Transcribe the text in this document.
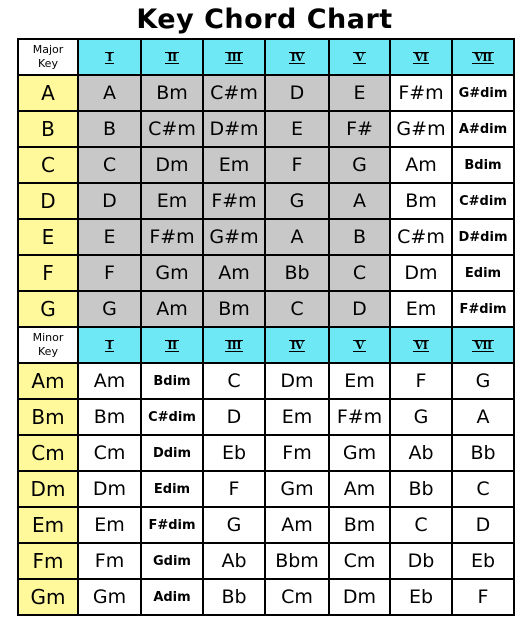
Key Chord Chart
Major
Key	I	II	III	IV	V	VI	VII
A	A	Bm	C#m	D	E	F#m	G#dim
B	B	C#m	D#m	E	F#	G#m	A#dim
C	C	Dm	Em	F	G	Am	Bdim
D	D	Em	F#m	G	A	Bm	C#dim
E	E	F#m	G#m	A	B	C#m	D#dim
F	F	Gm	Am	Bb	C	Dm	Edim
G	G	Am	Bm	C	D	Em	F#dim

Minor
Key	I	II	III	IV	V	VI	VII
Am	Am	Bdim	C	Dm	Em	F	G
Bm	Bm	C#dim	D	Em	F#m	G	A
Cm	Cm	Ddim	Eb	Fm	Gm	Ab	Bb
Dm	Dm	Edim	F	Gm	Am	Bb	C
Em	Em	F#dim	G	Am	Bm	C	D
Fm	Fm	Gdim	Ab	Bbm	Cm	Db	Eb
Gm	Gm	Adim	Bb	Cm	Dm	Eb	F
